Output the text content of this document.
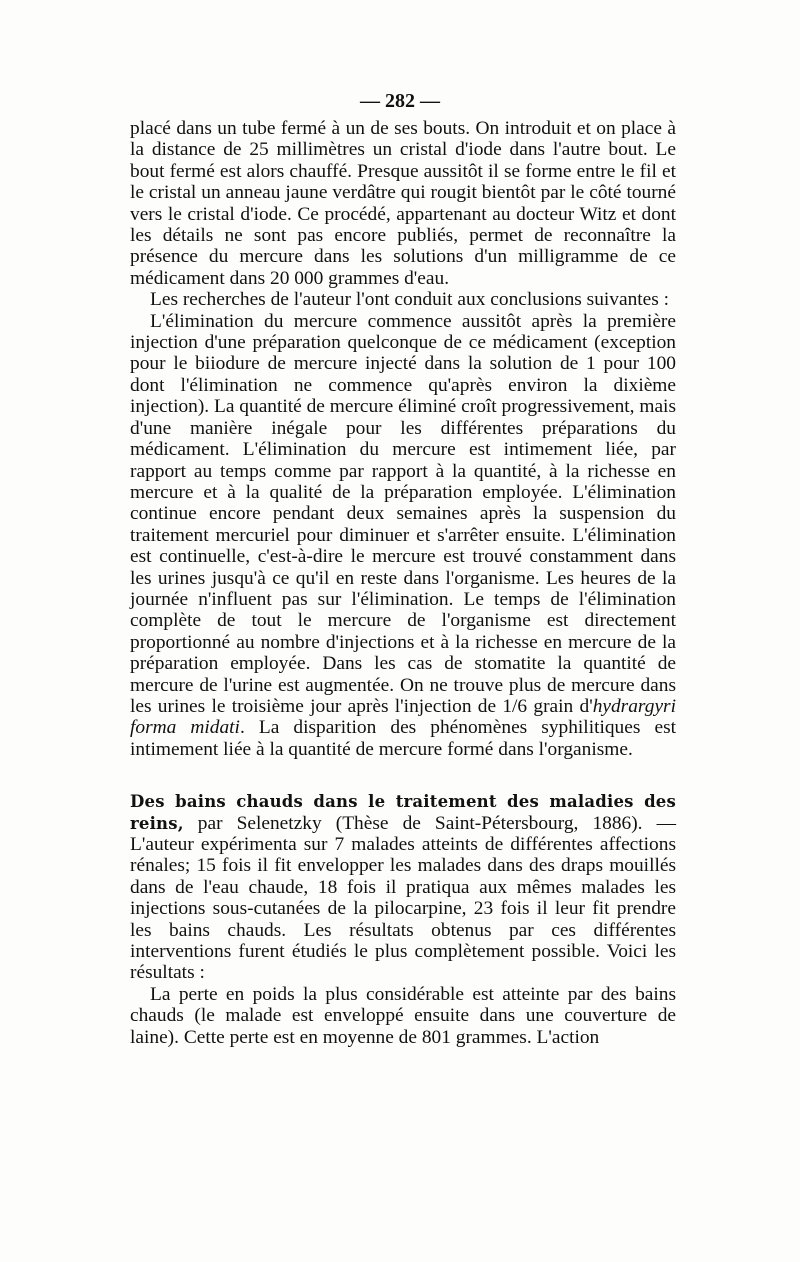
— 282 —

placé dans un tube fermé à un de ses bouts. On introduit et on place à la distance de 25 millimètres un cristal d'iode dans l'autre bout. Le bout fermé est alors chauffé. Presque aussitôt il se forme entre le fil et le cristal un anneau jaune verdâtre qui rougit bientôt par le côté tourné vers le cristal d'iode. Ce procédé, appartenant au docteur Witz et dont les détails ne sont pas encore publiés, permet de reconnaître la présence du mercure dans les solutions d'un milligramme de ce médicament dans 20 000 grammes d'eau.

Les recherches de l'auteur l'ont conduit aux conclusions suivantes :

L'élimination du mercure commence aussitôt après la première injection d'une préparation quelconque de ce médicament (exception pour le biiodure de mercure injecté dans la solution de 1 pour 100 dont l'élimination ne commence qu'après environ la dixième injection). La quantité de mercure éliminé croît progressivement, mais d'une manière inégale pour les différentes préparations du médicament. L'élimination du mercure est intimement liée, par rapport au temps comme par rapport à la quantité, à la richesse en mercure et à la qualité de la préparation employée. L'élimination continue encore pendant deux semaines après la suspension du traitement mercuriel pour diminuer et s'arrêter ensuite. L'élimination est continuelle, c'est-à-dire le mercure est trouvé constamment dans les urines jusqu'à ce qu'il en reste dans l'organisme. Les heures de la journée n'influent pas sur l'élimination. Le temps de l'élimination complète de tout le mercure de l'organisme est directement proportionné au nombre d'injections et à la richesse en mercure de la préparation employée. Dans les cas de stomatite la quantité de mercure de l'urine est augmentée. On ne trouve plus de mercure dans les urines le troisième jour après l'injection de 1/6 grain d'hydrargyri forma midati. La disparition des phénomènes syphilitiques est intimement liée à la quantité de mercure formé dans l'organisme.

Des bains chauds dans le traitement des maladies des reins, par Selenetzky (Thèse de Saint-Pétersbourg, 1886). — L'auteur expérimenta sur 7 malades atteints de différentes affections rénales; 15 fois il fit envelopper les malades dans des draps mouillés dans de l'eau chaude, 18 fois il pratiqua aux mêmes malades les injections sous-cutanées de la pilocarpine, 23 fois il leur fit prendre les bains chauds. Les résultats obtenus par ces différentes interventions furent étudiés le plus complètement possible. Voici les résultats :

La perte en poids la plus considérable est atteinte par des bains chauds (le malade est enveloppé ensuite dans une couverture de laine). Cette perte est en moyenne de 801 grammes. L'action
